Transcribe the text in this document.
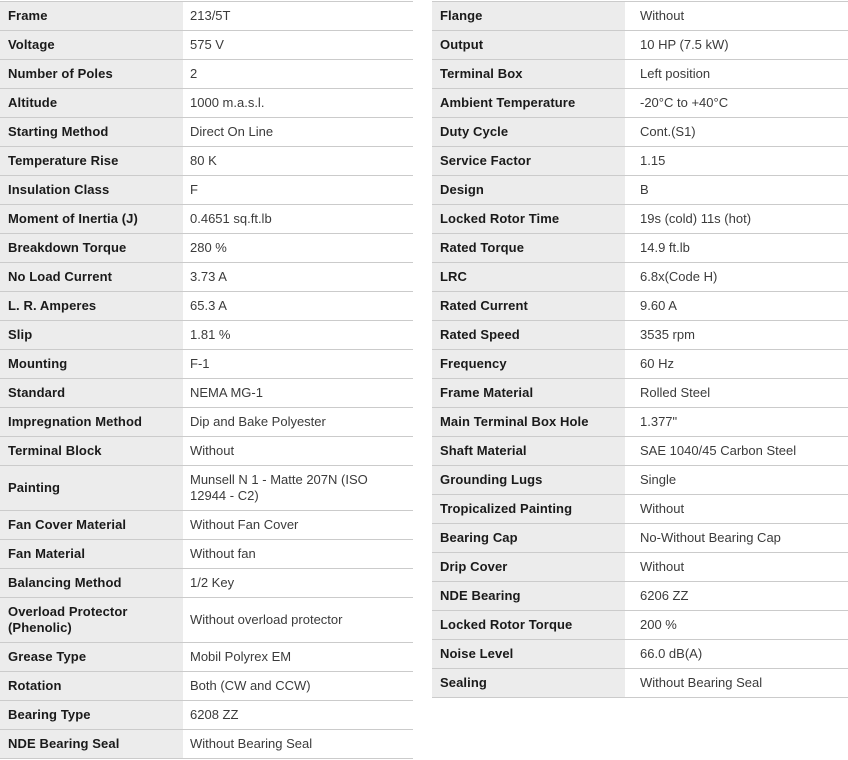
Frame	213/5T
Voltage	575 V
Number of Poles	2
Altitude	1000 m.a.s.l.
Starting Method	Direct On Line
Temperature Rise	80 K
Insulation Class	F
Moment of Inertia (J)	0.4651 sq.ft.lb
Breakdown Torque	280 %
No Load Current	3.73 A
L. R. Amperes	65.3 A
Slip	1.81 %
Mounting	F-1
Standard	NEMA MG-1
Impregnation Method	Dip and Bake Polyester
Terminal Block	Without
Painting	Munsell N 1 - Matte 207N (ISO 12944 - C2)
Fan Cover Material	Without Fan Cover
Fan Material	Without fan
Balancing Method	1/2 Key
Overload Protector (Phenolic)	Without overload protector
Grease Type	Mobil Polyrex EM
Rotation	Both (CW and CCW)
Bearing Type	6208 ZZ
NDE Bearing Seal	Without Bearing Seal
Flange	Without
Output	10 HP (7.5 kW)
Terminal Box	Left position
Ambient Temperature	-20°C to +40°C
Duty Cycle	Cont.(S1)
Service Factor	1.15
Design	B
Locked Rotor Time	19s (cold) 11s (hot)
Rated Torque	14.9 ft.lb
LRC	6.8x(Code H)
Rated Current	9.60 A
Rated Speed	3535 rpm
Frequency	60 Hz
Frame Material	Rolled Steel
Main Terminal Box Hole	1.377"
Shaft Material	SAE 1040/45 Carbon Steel
Grounding Lugs	Single
Tropicalized Painting	Without
Bearing Cap	No-Without Bearing Cap
Drip Cover	Without
NDE Bearing	6206 ZZ
Locked Rotor Torque	200 %
Noise Level	66.0 dB(A)
Sealing	Without Bearing Seal
